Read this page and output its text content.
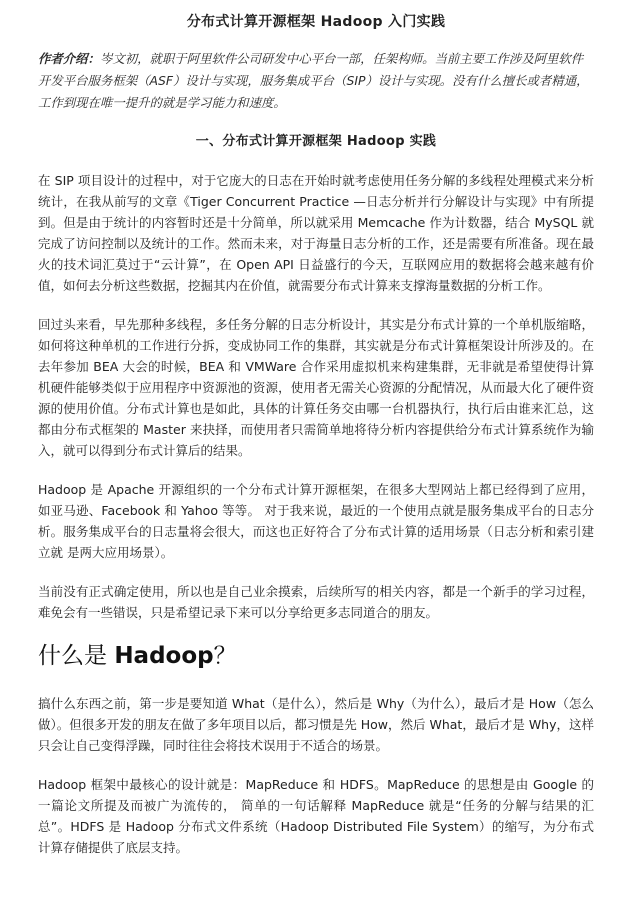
分布式计算开源框架 Hadoop 入门实践

作者介绍：岑文初，就职于阿里软件公司研发中心平台一部，任架构师。当前主要工作涉及阿里软件开发平台服务框架（ASF）设计与实现，服务集成平台（SIP）设计与实现。没有什么擅长或者精通，工作到现在唯一提升的就是学习能力和速度。

一、分布式计算开源框架 Hadoop 实践

在 SIP 项目设计的过程中，对于它庞大的日志在开始时就考虑使用任务分解的多线程处理模式来分析统计，在我从前写的文章《Tiger Concurrent Practice —日志分析并行分解设计与实现》中有所提到。但是由于统计的内容暂时还是十分简单，所以就采用 Memcache 作为计数器，结合 MySQL 就完成了访问控制以及统计的工作。然而未来，对于海量日志分析的工作，还是需要有所准备。现在最火的技术词汇莫过于“云计算”，在 Open API 日益盛行的今天，互联网应用的数据将会越来越有价值，如何去分析这些数据，挖掘其内在价值，就需要分布式计算来支撑海量数据的分析工作。

回过头来看，早先那种多线程，多任务分解的日志分析设计，其实是分布式计算的一个单机版缩略，如何将这种单机的工作进行分拆，变成协同工作的集群，其实就是分布式计算框架设计所涉及的。在去年参加 BEA 大会的时候，BEA 和 VMWare 合作采用虚拟机来构建集群，无非就是希望使得计算机硬件能够类似于应用程序中资源池的资源，使用者无需关心资源的分配情况，从而最大化了硬件资源的使用价值。分布式计算也是如此，具体的计算任务交由哪一台机器执行，执行后由谁来汇总，这都由分布式框架的 Master 来抉择，而使用者只需简单地将待分析内容提供给分布式计算系统作为输入，就可以得到分布式计算后的结果。

Hadoop 是 Apache 开源组织的一个分布式计算开源框架，在很多大型网站上都已经得到了应用，如亚马逊、Facebook 和 Yahoo 等等。 对于我来说，最近的一个使用点就是服务集成平台的日志分析。服务集成平台的日志量将会很大，而这也正好符合了分布式计算的适用场景（日志分析和索引建立就 是两大应用场景）。

当前没有正式确定使用，所以也是自己业余摸索，后续所写的相关内容，都是一个新手的学习过程，难免会有一些错误，只是希望记录下来可以分享给更多志同道合的朋友。

什么是 Hadoop？

搞什么东西之前，第一步是要知道 What（是什么），然后是 Why（为什么），最后才是 How（怎么做）。但很多开发的朋友在做了多年项目以后，都习惯是先 How，然后 What，最后才是 Why，这样只会让自己变得浮躁，同时往往会将技术误用于不适合的场景。

Hadoop 框架中最核心的设计就是：MapReduce 和 HDFS。MapReduce 的思想是由 Google 的一篇论文所提及而被广为流传的， 简单的一句话解释 MapReduce 就是“任务的分解与结果的汇总”。HDFS 是 Hadoop 分布式文件系统（Hadoop Distributed File System）的缩写，为分布式计算存储提供了底层支持。
